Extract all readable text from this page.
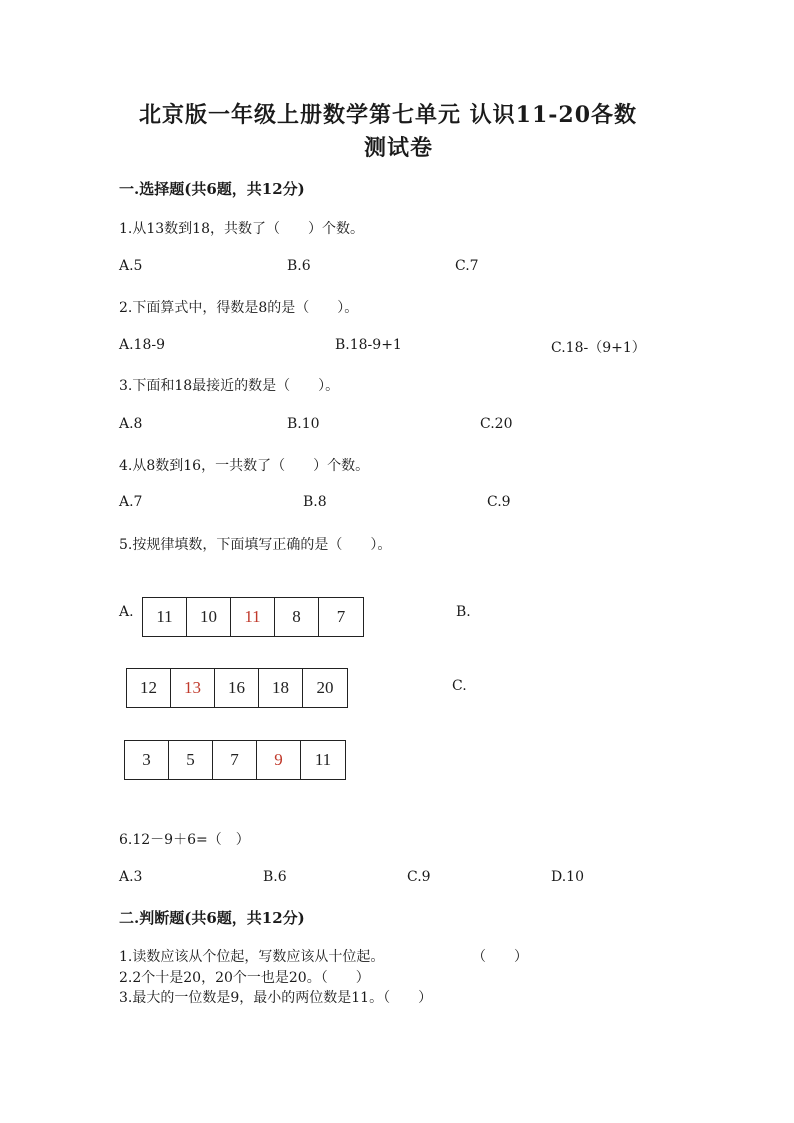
北京版一年级上册数学第七单元 认识11-20各数
测试卷
一.选择题(共6题，共12分)
1.从13数到18，共数了（　　）个数。
A.5	B.6	C.7
2.下面算式中，得数是8的是（　　）。
A.18-9	B.18-9+1	C.18-（9+1）
3.下面和18最接近的数是（　　）。
A.8	B.10	C.20
4.从8数到16，一共数了（　　）个数。
A.7	B.8	C.9
5.按规律填数，下面填写正确的是（　　）。
A.	11	10	11	8	7	B.
12	13	16	18	20	C.
3	5	7	9	11
6.12－9＋6=（　）
A.3	B.6	C.9	D.10
二.判断题(共6题，共12分)
1.读数应该从个位起，写数应该从十位起。	（　　）
2.2个十是20，20个一也是20。（　　）
3.最大的一位数是9，最小的两位数是11。（　　）
